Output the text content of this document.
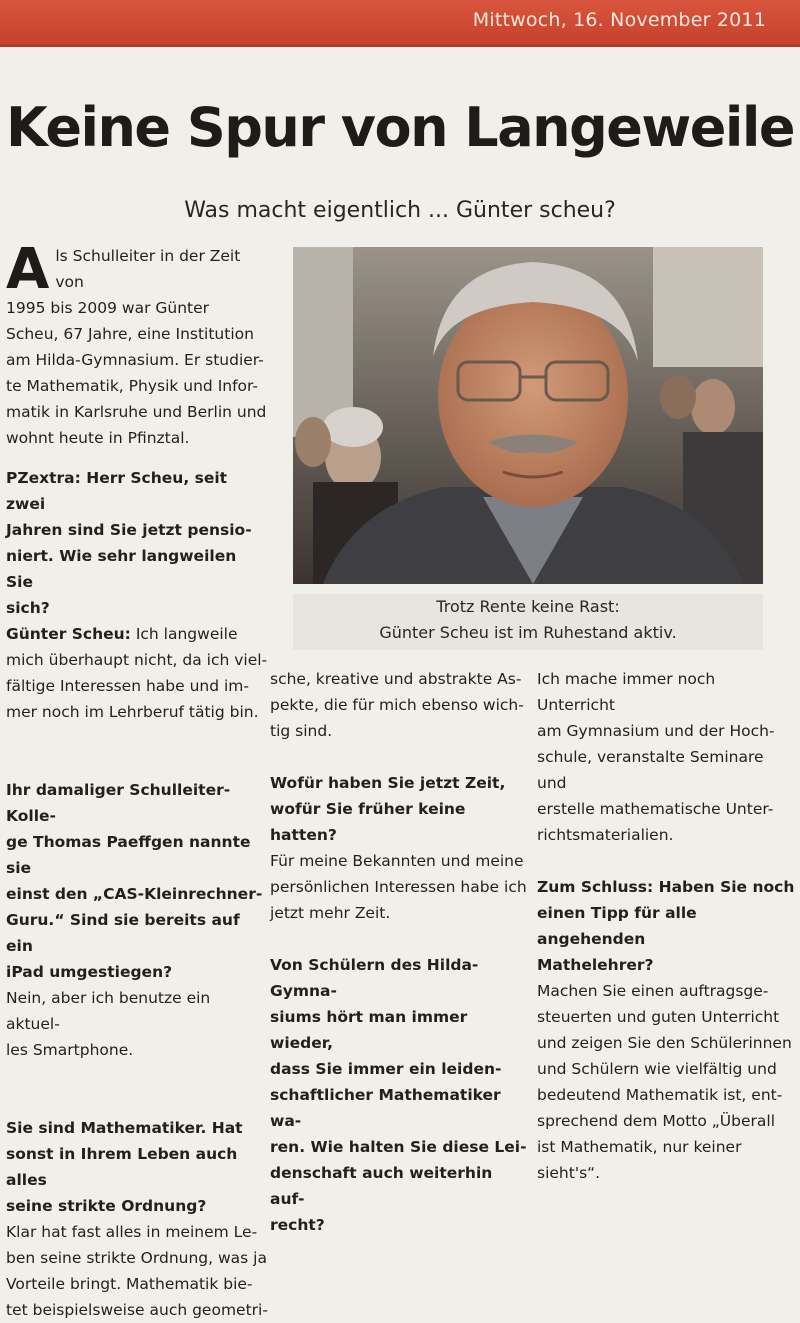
Mittwoch, 16. November 2011
Keine Spur von Langeweile
Was macht eigentlich ... Günter scheu?
A ls Schulleiter in der Zeit von

1995 bis 2009 war Günter

Scheu, 67 Jahre, eine Institution

am Hilda-Gymnasium. Er studier-

te Mathematik, Physik und Infor-

matik in Karlsruhe und Berlin und

wohnt heute in Pfinztal.

PZextra: Herr Scheu, seit zwei

Jahren sind Sie jetzt pensio-

niert. Wie sehr langweilen Sie

sich?

Günter Scheu: Ich langweile

mich überhaupt nicht, da ich viel-

fältige Interessen habe und im-

mer noch im Lehrberuf tätig bin.

Ihr damaliger Schulleiter-Kolle-

ge Thomas Paeffgen nannte sie

einst den „CAS-Kleinrechner-

Guru.“ Sind sie bereits auf ein

iPad umgestiegen?

Nein, aber ich benutze ein aktuel-

les Smartphone.

Sie sind Mathematiker. Hat

sonst in Ihrem Leben auch alles

seine strikte Ordnung?

Klar hat fast alles in meinem Le-

ben seine strikte Ordnung, was ja

Vorteile bringt. Mathematik bie-

tet beispielsweise auch geometri-

Trotz Rente keine Rast:
Günter Scheu ist im Ruhestand aktiv.

sche, kreative und abstrakte As-

pekte, die für mich ebenso wich-

tig sind.

Wofür haben Sie jetzt Zeit,

wofür Sie früher keine hatten?

Für meine Bekannten und meine

persönlichen Interessen habe ich

jetzt mehr Zeit.

Von Schülern des Hilda-Gymna-

siums hört man immer wieder,

dass Sie immer ein leiden-

schaftlicher Mathematiker wa-

ren. Wie halten Sie diese Lei-

denschaft auch weiterhin auf-

recht?

Ich mache immer noch Unterricht

am Gymnasium und der Hoch-

schule, veranstalte Seminare und

erstelle mathematische Unter-

richtsmaterialien.

Zum Schluss: Haben Sie noch

einen Tipp für alle angehenden

Mathelehrer?

Machen Sie einen auftragsge-

steuerten und guten Unterricht

und zeigen Sie den Schülerinnen

und Schülern wie vielfältig und

bedeutend Mathematik ist, ent-

sprechend dem Motto „Überall

ist Mathematik, nur keiner

sieht's“.
